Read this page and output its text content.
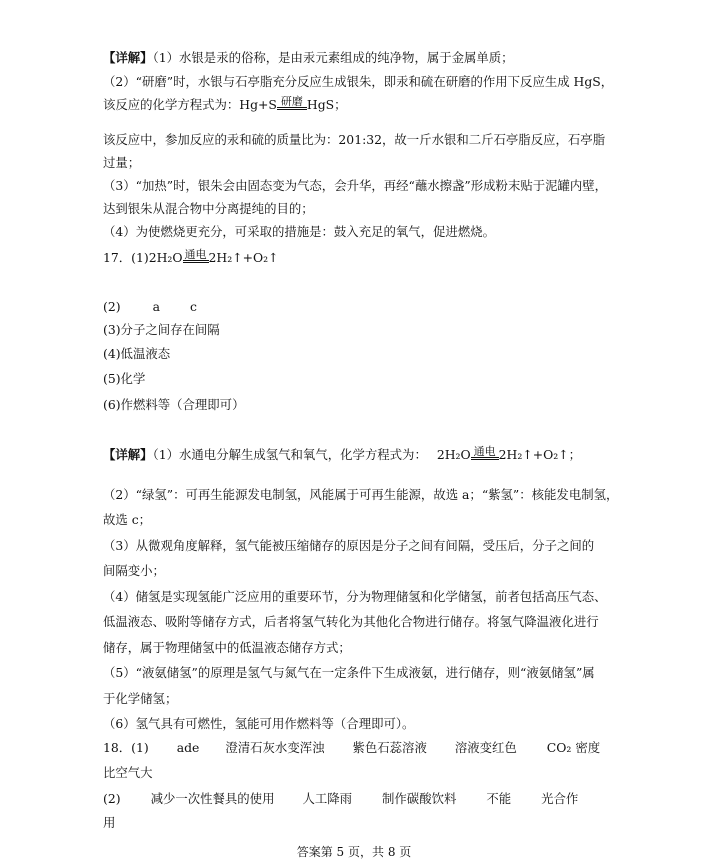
【详解】（1）水银是汞的俗称，是由汞元素组成的纯净物，属于金属单质；
（2）“研磨”时，水银与石亭脂充分反应生成银朱，即汞和硫在研磨的作用下反应生成 HgS，
该反应的化学方程式为：Hg+S 研磨 HgS；
该反应中，参加反应的汞和硫的质量比为：201:32，故一斤水银和二斤石亭脂反应，石亭脂
过量；
（3）“加热”时，银朱会由固态变为气态，会升华，再经“蘸水擦盏”形成粉末贴于泥罐内壁，
达到银朱从混合物中分离提纯的目的；
（4）为使燃烧更充分，可采取的措施是：鼓入充足的氧气，促进燃烧。
17．(1)2H₂O 通电 2H₂↑+O₂↑
(2)	a c
(3)分子之间存在间隔
(4)低温液态
(5)化学
(6)作燃料等（合理即可）
【详解】（1）水通电分解生成氢气和氧气，化学方程式为： 2H₂O 通电 2H₂↑+O₂↑；
（2）“绿氢”：可再生能源发电制氢，风能属于可再生能源，故选 a；“紫氢”：核能发电制氢，
故选 c；
（3）从微观角度解释，氢气能被压缩储存的原因是分子之间有间隔，受压后，分子之间的
间隔变小；
（4）储氢是实现氢能广泛应用的重要环节，分为物理储氢和化学储氢，前者包括高压气态、
低温液态、吸附等储存方式，后者将氢气转化为其他化合物进行储存。将氢气降温液化进行
储存，属于物理储氢中的低温液态储存方式；
（5）“液氨储氢”的原理是氢气与氮气在一定条件下生成液氨，进行储存，则“液氨储氢”属
于化学储氢；
（6）氢气具有可燃性，氢能可用作燃料等（合理即可）。
18．(1) ade 澄清石灰水变浑浊 紫色石蕊溶液 溶液变红色 CO₂ 密度
比空气大
(2) 减少一次性餐具的使用 人工降雨 制作碳酸饮料 不能 光合作
用
答案第 5 页，共 8 页
